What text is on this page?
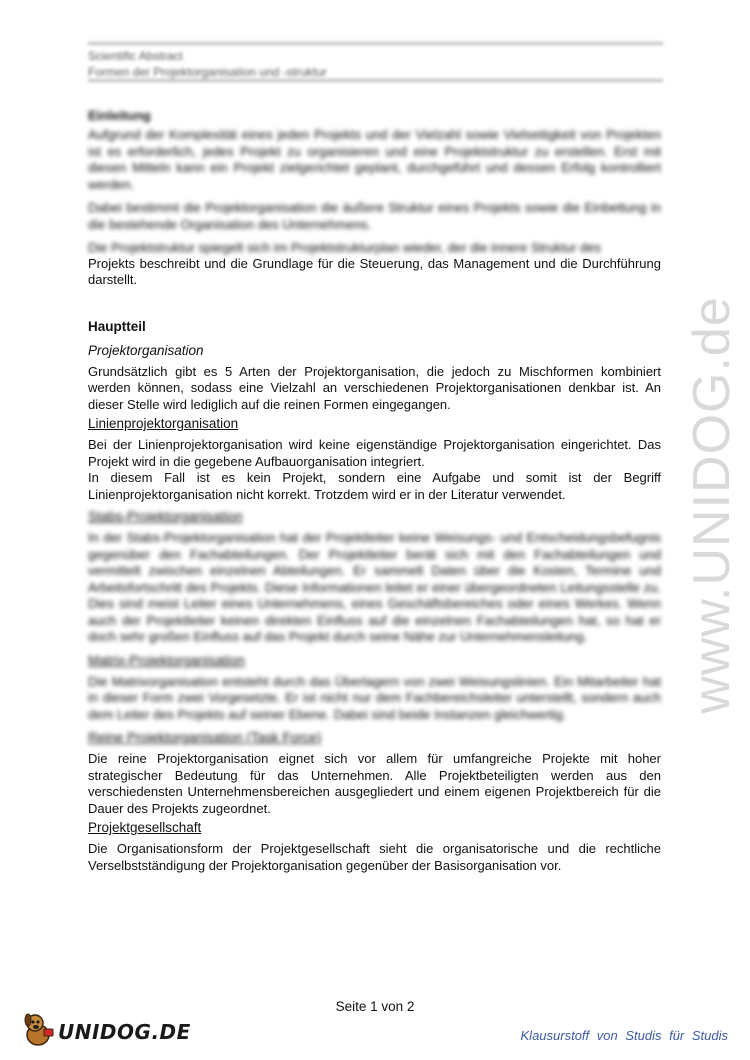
Scientific Abstract
Formen der Projektorganisation und -struktur
Einleitung

Aufgrund der Komplexität eines jeden Projekts und der Vielzahl sowie Vielseitigkeit von Projekten ist es erforderlich, jedes Projekt zu organisieren und eine Projektstruktur zu erstellen. Erst mit diesen Mitteln kann ein Projekt zielgerichtet geplant, durchgeführt und dessen Erfolg kontrolliert werden.

Dabei bestimmt die Projektorganisation die äußere Struktur eines Projekts sowie die Einbettung in die bestehende Organisation des Unternehmens.

Die Projektstruktur spiegelt sich im Projektstrukturplan wieder, der die innere Struktur des

Projekts beschreibt und die Grundlage für die Steuerung, das Management und die Durchführung darstellt.

Hauptteil
Projektorganisation

Grundsätzlich gibt es 5 Arten der Projektorganisation, die jedoch zu Mischformen kombiniert werden können, sodass eine Vielzahl an verschiedenen Projektorganisationen denkbar ist. An dieser Stelle wird lediglich auf die reinen Formen eingegangen.

Linienprojektorganisation

Bei der Linienprojektorganisation wird keine eigenständige Projektorganisation eingerichtet. Das Projekt wird in die gegebene Aufbauorganisation integriert.

In diesem Fall ist es kein Projekt, sondern eine Aufgabe und somit ist der Begriff Linienprojektorganisation nicht korrekt. Trotzdem wird er in der Literatur verwendet.

Stabs-Projektorganisation

In der Stabs-Projektorganisation hat der Projektleiter keine Weisungs- und Entscheidungsbefugnis gegenüber den Fachabteilungen. Der Projektleiter berät sich mit den Fachabteilungen und vermittelt zwischen einzelnen Abteilungen. Er sammelt Daten über die Kosten, Termine und Arbeitsfortschritt des Projekts. Diese Informationen leitet er einer übergeordneten Leitungsstelle zu. Dies sind meist Leiter eines Unternehmens, eines Geschäftsbereiches oder eines Werkes. Wenn auch der Projektleiter keinen direkten Einfluss auf die einzelnen Fachabteilungen hat, so hat er doch sehr großen Einfluss auf das Projekt durch seine Nähe zur Unternehmensleitung.

Matrix-Projektorganisation

Die Matrixorganisation entsteht durch das Überlagern von zwei Weisungslinien. Ein Mitarbeiter hat in dieser Form zwei Vorgesetzte. Er ist nicht nur dem Fachbereichsleiter unterstellt, sondern auch dem Leiter des Projekts auf seiner Ebene. Dabei sind beide Instanzen gleichwertig.

Reine Projektorganisation (Task Force)

Die reine Projektorganisation eignet sich vor allem für umfangreiche Projekte mit hoher strategischer Bedeutung für das Unternehmen. Alle Projektbeteiligten werden aus den verschiedensten Unternehmensbereichen ausgegliedert und einem eigenen Projektbereich für die Dauer des Projekts zugeordnet.

Projektgesellschaft

Die Organisationsform der Projektgesellschaft sieht die organisatorische und die rechtliche Verselbstständigung der Projektorganisation gegenüber der Basisorganisation vor.

www.UNIDOG.de
Seite 1 von 2
UNIDOG.DE	Klausurstoff von Studis für Studis
